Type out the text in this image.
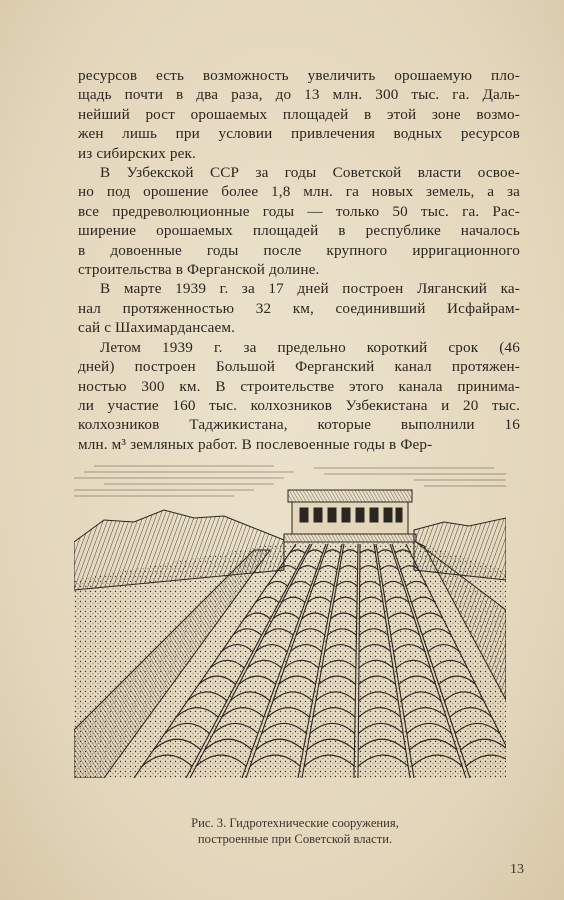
ресурсов есть возможность увеличить орошаемую пло-
щадь почти в два раза, до 13 млн. 300 тыс. га. Даль-
нейший рост орошаемых площадей в этой зоне возмо-
жен лишь при условии привлечения водных ресурсов
из сибирских рек.

В Узбекской ССР за годы Советской власти освое-
но под орошение более 1,8 млн. га новых земель, а за
все предреволюционные годы — только 50 тыс. га. Рас-
ширение орошаемых площадей в республике началось
в довоенные годы после крупного ирригационного
строительства в Ферганской долине.

В марте 1939 г. за 17 дней построен Ляганский ка-
нал протяженностью 32 км, соединивший Исфайрам-
сай с Шахимардансаем.

Летом 1939 г. за предельно короткий срок (46
дней) построен Большой Ферганский канал протяжен-
ностью 300 км. В строительстве этого канала принима-
ли участие 160 тыс. колхозников Узбекистана и 20 тыс.
колхозников Таджикистана, которые выполнили 16
млн. м³ земляных работ. В послевоенные годы в Фер-

Рис. 3. Гидротехнические сооружения,
построенные при Советской власти.
13
